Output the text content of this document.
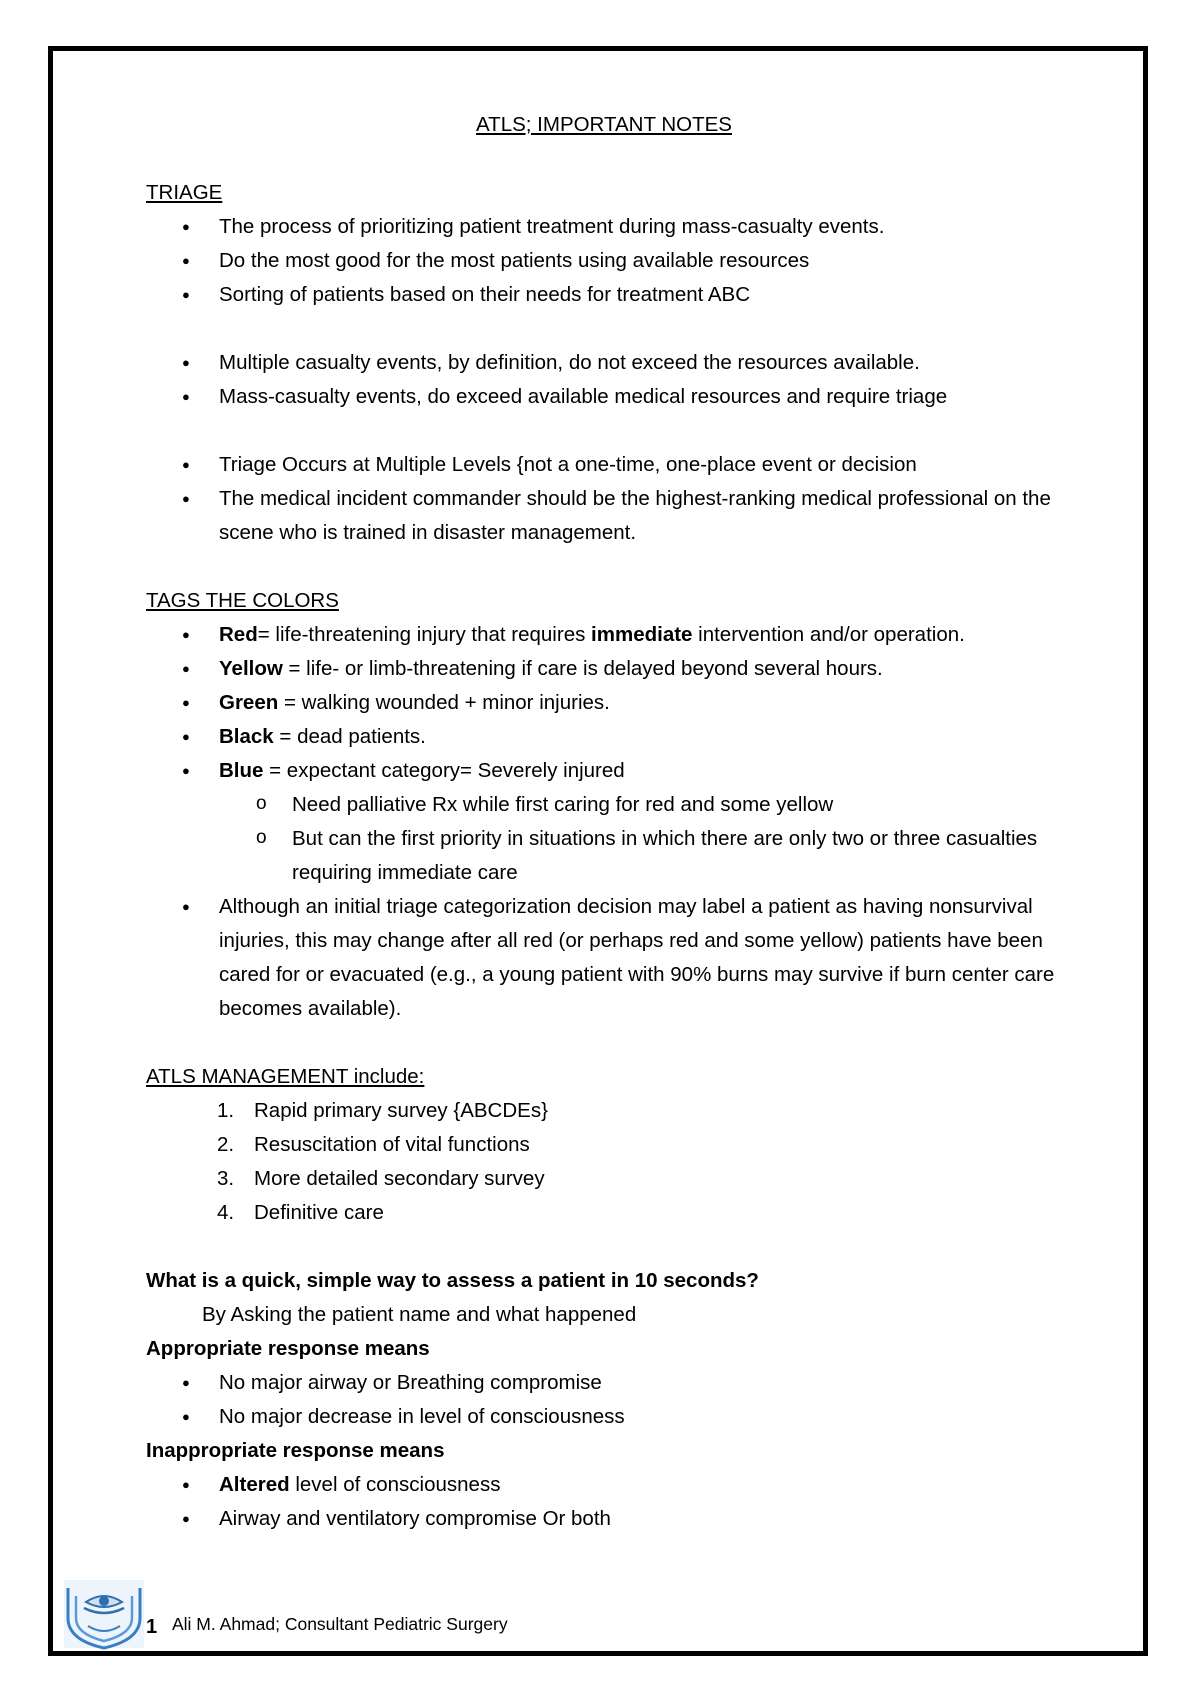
ATLS; IMPORTANT NOTES
TRIAGE
● The process of prioritizing patient treatment during mass-casualty events.
● Do the most good for the most patients using available resources
● Sorting of patients based on their needs for treatment ABC
● Multiple casualty events, by definition, do not exceed the resources available.
● Mass-casualty events, do exceed available medical resources and require triage
● Triage Occurs at Multiple Levels {not a one-time, one-place event or decision
● The medical incident commander should be the highest-ranking medical professional on the scene who is trained in disaster management.
TAGS THE COLORS
● Red= life-threatening injury that requires immediate intervention and/or operation.
● Yellow = life- or limb-threatening if care is delayed beyond several hours.
● Green = walking wounded + minor injuries.
● Black = dead patients.
● Blue = expectant category= Severely injured
o Need palliative Rx while first caring for red and some yellow
o But can the first priority in situations in which there are only two or three casualties requiring immediate care
● Although an initial triage categorization decision may label a patient as having nonsurvival injuries, this may change after all red (or perhaps red and some yellow) patients have been cared for or evacuated (e.g., a young patient with 90% burns may survive if burn center care becomes available).
ATLS MANAGEMENT include:
1. Rapid primary survey {ABCDEs}
2. Resuscitation of vital functions
3. More detailed secondary survey
4. Definitive care
What is a quick, simple way to assess a patient in 10 seconds?
By Asking the patient name and what happened
Appropriate response means
● No major airway or Breathing compromise
● No major decrease in level of consciousness
Inappropriate response means
● Altered level of consciousness
● Airway and ventilatory compromise Or both
1 Ali M. Ahmad; Consultant Pediatric Surgery
